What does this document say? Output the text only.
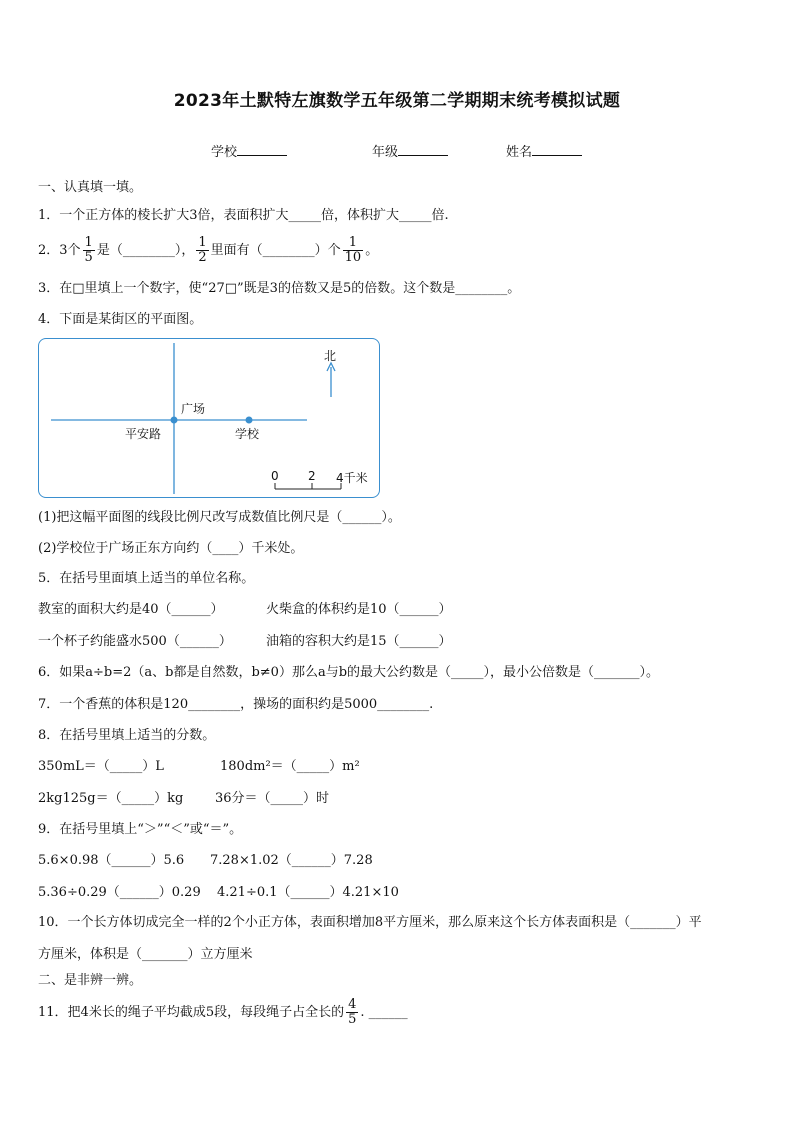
2023年土默特左旗数学五年级第二学期期末统考模拟试题
学校	年级	姓名
一、认真填一填。
1．一个正方体的棱长扩大3倍，表面积扩大_____倍，体积扩大_____倍.
2．3个 $\frac{1}{5}$ 是（________）， $\frac{1}{2}$ 里面有（________）个 $\frac{1}{10}$ 。
3．在□里填上一个数字，使“27□”既是3的倍数又是5的倍数。这个数是________。
4．下面是某街区的平面图。
北
广场
平安路	学校
0 2 4千米
(1)把这幅平面图的线段比例尺改写成数值比例尺是（______）。
(2)学校位于广场正东方向约（____）千米处。
5．在括号里面填上适当的单位名称。
教室的面积大约是40（______）	火柴盒的体积约是10（______）
一个杯子约能盛水500（______）	油箱的容积大约是15（______）
6．如果a÷b=2（a、b都是自然数，b≠0）那么a与b的最大公约数是（_____），最小公倍数是（_______）。
7．一个香蕉的体积是120________，操场的面积约是5000________.
8．在括号里填上适当的分数。
350mL＝（_____）L	180dm²＝（_____）m²
2kg125g＝（_____）kg 36分＝（_____）时
9．在括号里填上“＞”“＜”或“＝”。
5.6×0.98（______）5.6 7.28×1.02（______）7.28
5.36÷0.29（______）0.29 4.21÷0.1（______）4.21×10
10．一个长方体切成完全一样的2个小正方体，表面积增加8平方厘米，那么原来这个长方体表面积是（_______）平
方厘米，体积是（_______）立方厘米
二、是非辨一辨。
11．把4米长的绳子平均截成5段，每段绳子占全长的 $\frac{4}{5}$ . ______
